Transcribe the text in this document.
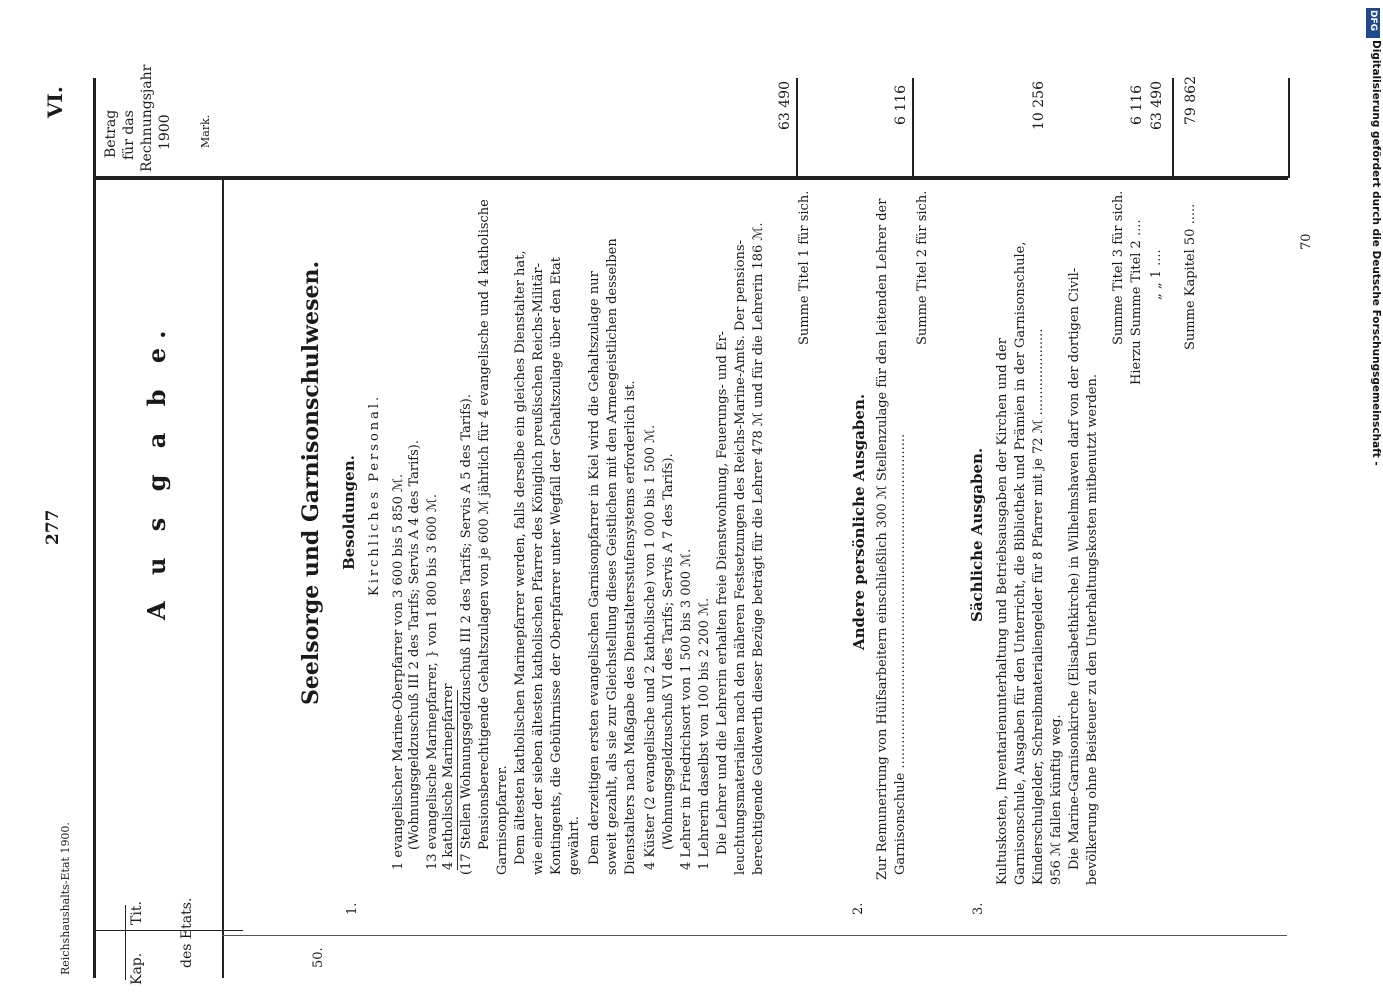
Kap.
Tit. des Etats.
VI.
277	A u s g a b e.
Betrag für das Rechnungsjahr 1900 Mark.
50.
Seelsorge und Garnisonschulwesen.
1.
Besoldungen. Kirchliches Personal. 1 evangelischer Marine-Oberpfarrer von 3 600 bis 5 850 ℳ. (Wohnungsgeldzuschuß III 2 des Tarifs; Servis A 4 des Tarifs). 13 evangelische Marinepfarrer, } von 1 800 bis 3 600 ℳ. 4 katholische Marinepfarrer (17 Stellen Wohnungsgeldzuschuß III 2 des Tarifs; Servis A 5 des Tarifs). Pensionsberechtigende Gehaltszulagen von je 600 ℳ jährlich für 4 evangelische und 4 katholische Garnisonpfarrer. Dem ältesten katholischen Marinepfarrer werden, falls derselbe ein gleiches Dienstalter hat, wie einer der sieben ältesten katholischen Pfarrer des Königlich preußischen Reichs-Militär- Kontingents, die Gebührnisse der Oberpfarrer unter Wegfall der Gehaltszulage über den Etat gewährt. Dem derzeitigen ersten evangelischen Garnisonpfarrer in Kiel wird die Gehaltszulage nur soweit gezahlt, als sie zur Gleichstellung dieses Geistlichen mit den Armeegeistlichen desselben Dienstalters nach Maßgabe des Dienstaltersstufensystems erforderlich ist. 4 Küster (2 evangelische und 2 katholische) von 1 000 bis 1 500 ℳ. (Wohnungsgeldzuschuß VI des Tarifs; Servis A 7 des Tarifs). 4 Lehrer in Friedrichsort von 1 500 bis 3 000 ℳ. 1 Lehrerin daselbst von 100 bis 2 200 ℳ. Die Lehrer und die Lehrerin erhalten freie Dienstwohnung, Feuerungs- und Er- leuchtungsmaterialien nach den näheren Festsetzungen des Reichs-Marine-Amts. Der pensions- berechtigende Geldwerth dieser Bezüge beträgt für die Lehrer 478 ℳ und für die Lehrerin 186 ℳ.
63 490
Summe Titel 1 für sich.
2.
Andere persönliche Ausgaben. Zur Remunerirung von Hülfsarbeitern einschließlich 300 ℳ Stellenzulage für den leitenden Lehrer der Garnisonschule .................................................................................
6 116
Summe Titel 2 für sich.
3.
Sächliche Ausgaben. Kultuskosten, Inventarienunterhaltung und Betriebsausgaben der Kirchen und der Garnisonschule, Ausgaben für den Unterricht, die Bibliothek und Prämien in der Garnisonschule, Kinderschulgelder, Schreibmaterialiengelder für 8 Pfarrer mit je 72 ℳ ..................... 956 ℳ fallen künftig weg. Die Marine-Garnisonkirche (Elisabethkirche) in Wilhelmshaven darf von der dortigen Civil- bevölkerung ohne Beisteuer zu den Unterhaltungskosten mitbenutzt werden.
10 256
Summe Titel 3 für sich. Hierzu Summe Titel 2 ....
6 116
„ „ 1 ....
63 490
Summe Kapitel 50 .....
79 862
Reichshaushalts-Etat 1900.
70
DFG
Digitalisierung gefördert durch die Deutsche Forschungsgemeinschaft -
